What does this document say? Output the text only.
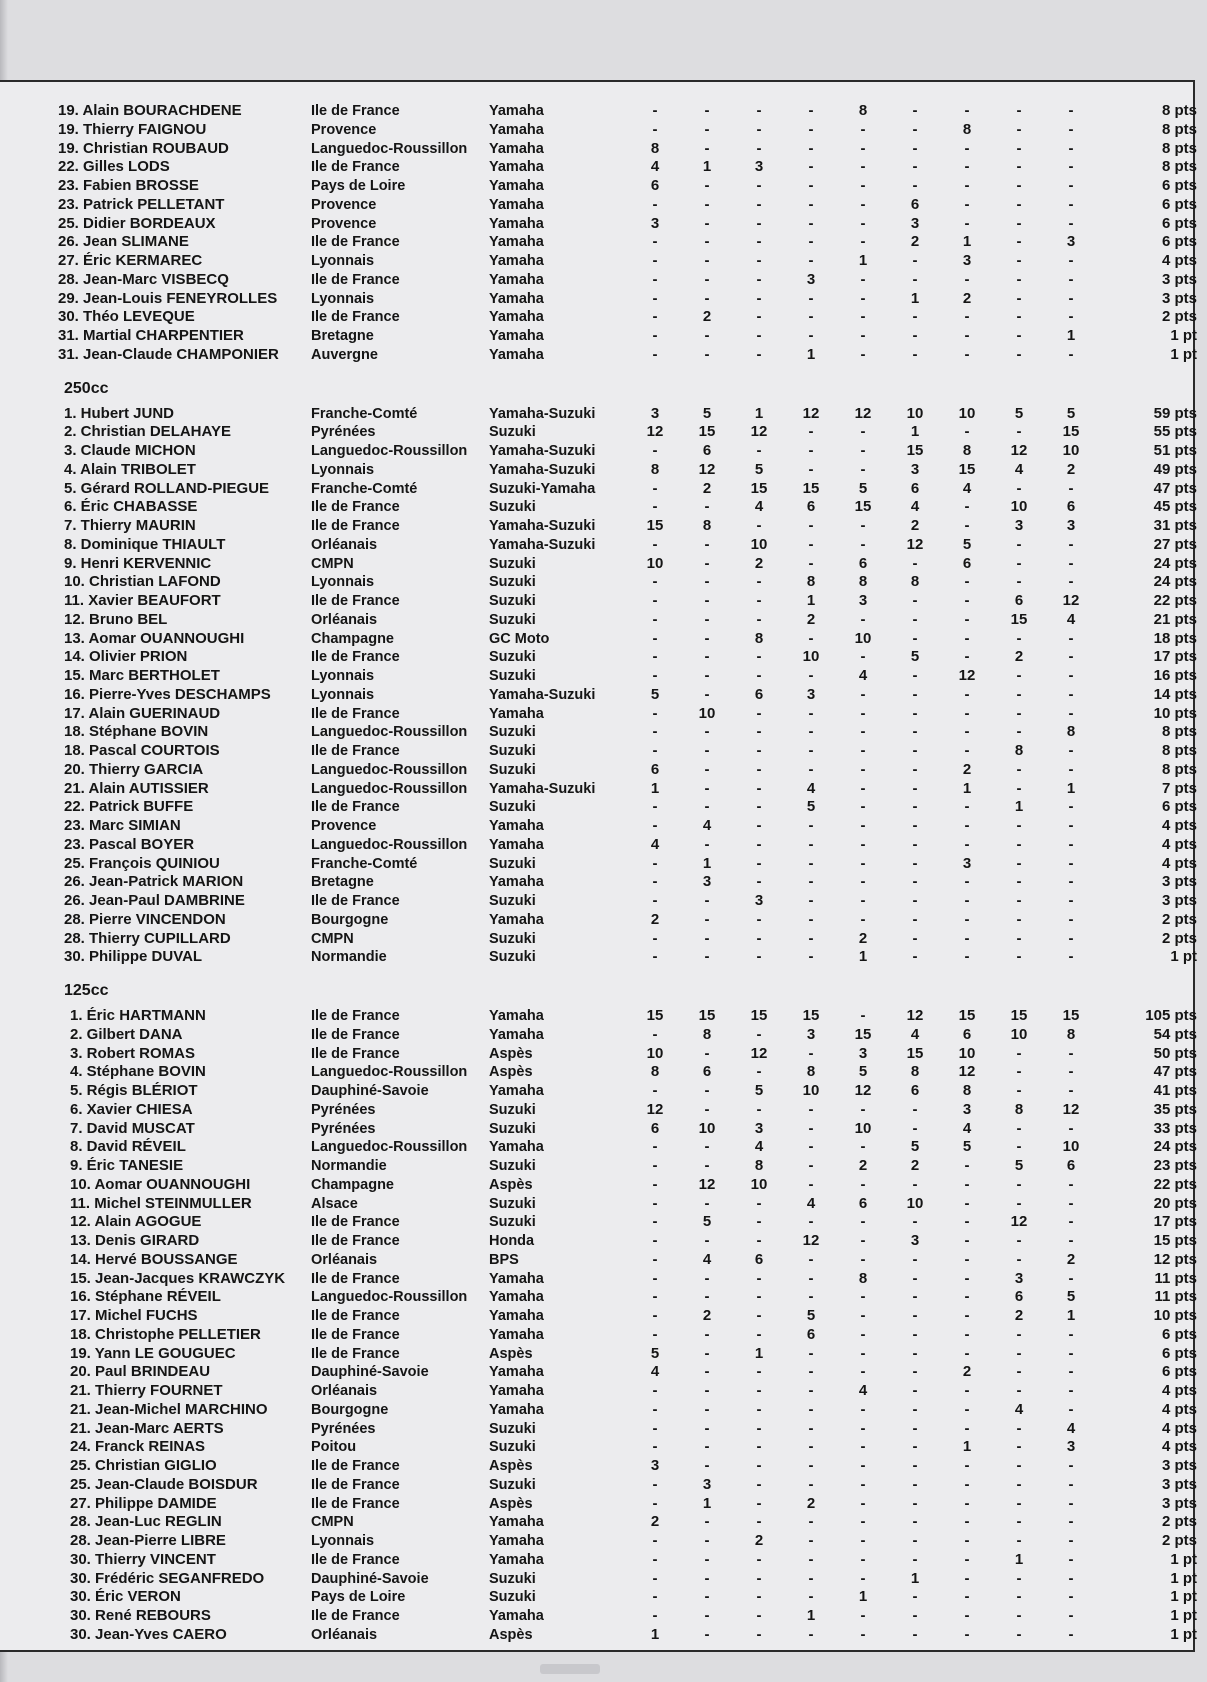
19. Alain BOURACHDENE	Ile de France	Yamaha	-	-	-	-	8	-	-	-	-	8 pts
19. Thierry FAIGNOU	Provence	Yamaha	-	-	-	-	-	-	8	-	-	8 pts
19. Christian ROUBAUD	Languedoc-Roussillon	Yamaha	8	-	-	-	-	-	-	-	-	8 pts
22. Gilles LODS	Ile de France	Yamaha	4	1	3	-	-	-	-	-	-	8 pts
23. Fabien BROSSE	Pays de Loire	Yamaha	6	-	-	-	-	-	-	-	-	6 pts
23. Patrick PELLETANT	Provence	Yamaha	-	-	-	-	-	6	-	-	-	6 pts
25. Didier BORDEAUX	Provence	Yamaha	3	-	-	-	-	3	-	-	-	6 pts
26. Jean SLIMANE	Ile de France	Yamaha	-	-	-	-	-	2	1	-	3	6 pts
27. Éric KERMAREC	Lyonnais	Yamaha	-	-	-	-	1	-	3	-	-	4 pts
28. Jean-Marc VISBECQ	Ile de France	Yamaha	-	-	-	3	-	-	-	-	-	3 pts
29. Jean-Louis FENEYROLLES	Lyonnais	Yamaha	-	-	-	-	-	1	2	-	-	3 pts
30. Théo LEVEQUE	Ile de France	Yamaha	-	2	-	-	-	-	-	-	-	2 pts
31. Martial CHARPENTIER	Bretagne	Yamaha	-	-	-	-	-	-	-	-	1	1 pt
31. Jean-Claude CHAMPONIER	Auvergne	Yamaha	-	-	-	1	-	-	-	-	-	1 pt
250cc
1. Hubert JUND	Franche-Comté	Yamaha-Suzuki	3	5	1	12	12	10	10	5	5	59 pts
2. Christian DELAHAYE	Pyrénées	Suzuki	12	15	12	-	-	1	-	-	15	55 pts
3. Claude MICHON	Languedoc-Roussillon	Yamaha-Suzuki	-	6	-	-	-	15	8	12	10	51 pts
4. Alain TRIBOLET	Lyonnais	Yamaha-Suzuki	8	12	5	-	-	3	15	4	2	49 pts
5. Gérard ROLLAND-PIEGUE	Franche-Comté	Suzuki-Yamaha	-	2	15	15	5	6	4	-	-	47 pts
6. Éric CHABASSE	Ile de France	Suzuki	-	-	4	6	15	4	-	10	6	45 pts
7. Thierry MAURIN	Ile de France	Yamaha-Suzuki	15	8	-	-	-	2	-	3	3	31 pts
8. Dominique THIAULT	Orléanais	Yamaha-Suzuki	-	-	10	-	-	12	5	-	-	27 pts
9. Henri KERVENNIC	CMPN	Suzuki	10	-	2	-	6	-	6	-	-	24 pts
10. Christian LAFOND	Lyonnais	Suzuki	-	-	-	8	8	8	-	-	-	24 pts
11. Xavier BEAUFORT	Ile de France	Suzuki	-	-	-	1	3	-	-	6	12	22 pts
12. Bruno BEL	Orléanais	Suzuki	-	-	-	2	-	-	-	15	4	21 pts
13. Aomar OUANNOUGHI	Champagne	GC Moto	-	-	8	-	10	-	-	-	-	18 pts
14. Olivier PRION	Ile de France	Suzuki	-	-	-	10	-	5	-	2	-	17 pts
15. Marc BERTHOLET	Lyonnais	Suzuki	-	-	-	-	4	-	12	-	-	16 pts
16. Pierre-Yves DESCHAMPS	Lyonnais	Yamaha-Suzuki	5	-	6	3	-	-	-	-	-	14 pts
17. Alain GUERINAUD	Ile de France	Yamaha	-	10	-	-	-	-	-	-	-	10 pts
18. Stéphane BOVIN	Languedoc-Roussillon	Suzuki	-	-	-	-	-	-	-	-	8	8 pts
18. Pascal COURTOIS	Ile de France	Suzuki	-	-	-	-	-	-	-	8	-	8 pts
20. Thierry GARCIA	Languedoc-Roussillon	Suzuki	6	-	-	-	-	-	2	-	-	8 pts
21. Alain AUTISSIER	Languedoc-Roussillon	Yamaha-Suzuki	1	-	-	4	-	-	1	-	1	7 pts
22. Patrick BUFFE	Ile de France	Suzuki	-	-	-	5	-	-	-	1	-	6 pts
23. Marc SIMIAN	Provence	Yamaha	-	4	-	-	-	-	-	-	-	4 pts
23. Pascal BOYER	Languedoc-Roussillon	Yamaha	4	-	-	-	-	-	-	-	-	4 pts
25. François QUINIOU	Franche-Comté	Suzuki	-	1	-	-	-	-	3	-	-	4 pts
26. Jean-Patrick MARION	Bretagne	Yamaha	-	3	-	-	-	-	-	-	-	3 pts
26. Jean-Paul DAMBRINE	Ile de France	Suzuki	-	-	3	-	-	-	-	-	-	3 pts
28. Pierre VINCENDON	Bourgogne	Yamaha	2	-	-	-	-	-	-	-	-	2 pts
28. Thierry CUPILLARD	CMPN	Suzuki	-	-	-	-	2	-	-	-	-	2 pts
30. Philippe DUVAL	Normandie	Suzuki	-	-	-	-	1	-	-	-	-	1 pt
125cc
1. Éric HARTMANN	Ile de France	Yamaha	15	15	15	15	-	12	15	15	15	105 pts
2. Gilbert DANA	Ile de France	Yamaha	-	8	-	3	15	4	6	10	8	54 pts
3. Robert ROMAS	Ile de France	Aspès	10	-	12	-	3	15	10	-	-	50 pts
4. Stéphane BOVIN	Languedoc-Roussillon	Aspès	8	6	-	8	5	8	12	-	-	47 pts
5. Régis BLÉRIOT	Dauphiné-Savoie	Yamaha	-	-	5	10	12	6	8	-	-	41 pts
6. Xavier CHIESA	Pyrénées	Suzuki	12	-	-	-	-	-	3	8	12	35 pts
7. David MUSCAT	Pyrénées	Suzuki	6	10	3	-	10	-	4	-	-	33 pts
8. David RÉVEIL	Languedoc-Roussillon	Yamaha	-	-	4	-	-	5	5	-	10	24 pts
9. Éric TANESIE	Normandie	Suzuki	-	-	8	-	2	2	-	5	6	23 pts
10. Aomar OUANNOUGHI	Champagne	Aspès	-	12	10	-	-	-	-	-	-	22 pts
11. Michel STEINMULLER	Alsace	Suzuki	-	-	-	4	6	10	-	-	-	20 pts
12. Alain AGOGUE	Ile de France	Suzuki	-	5	-	-	-	-	-	12	-	17 pts
13. Denis GIRARD	Ile de France	Honda	-	-	-	12	-	3	-	-	-	15 pts
14. Hervé BOUSSANGE	Orléanais	BPS	-	4	6	-	-	-	-	-	2	12 pts
15. Jean-Jacques KRAWCZYK	Ile de France	Yamaha	-	-	-	-	8	-	-	3	-	11 pts
16. Stéphane RÉVEIL	Languedoc-Roussillon	Yamaha	-	-	-	-	-	-	-	6	5	11 pts
17. Michel FUCHS	Ile de France	Yamaha	-	2	-	5	-	-	-	2	1	10 pts
18. Christophe PELLETIER	Ile de France	Yamaha	-	-	-	6	-	-	-	-	-	6 pts
19. Yann LE GOUGUEC	Ile de France	Aspès	5	-	1	-	-	-	-	-	-	6 pts
20. Paul BRINDEAU	Dauphiné-Savoie	Yamaha	4	-	-	-	-	-	2	-	-	6 pts
21. Thierry FOURNET	Orléanais	Yamaha	-	-	-	-	4	-	-	-	-	4 pts
21. Jean-Michel MARCHINO	Bourgogne	Yamaha	-	-	-	-	-	-	-	4	-	4 pts
21. Jean-Marc AERTS	Pyrénées	Suzuki	-	-	-	-	-	-	-	-	4	4 pts
24. Franck REINAS	Poitou	Suzuki	-	-	-	-	-	-	1	-	3	4 pts
25. Christian GIGLIO	Ile de France	Aspès	3	-	-	-	-	-	-	-	-	3 pts
25. Jean-Claude BOISDUR	Ile de France	Suzuki	-	3	-	-	-	-	-	-	-	3 pts
27. Philippe DAMIDE	Ile de France	Aspès	-	1	-	2	-	-	-	-	-	3 pts
28. Jean-Luc REGLIN	CMPN	Yamaha	2	-	-	-	-	-	-	-	-	2 pts
28. Jean-Pierre LIBRE	Lyonnais	Yamaha	-	-	2	-	-	-	-	-	-	2 pts
30. Thierry VINCENT	Ile de France	Yamaha	-	-	-	-	-	-	-	1	-	1 pt
30. Frédéric SEGANFREDO	Dauphiné-Savoie	Suzuki	-	-	-	-	-	1	-	-	-	1 pt
30. Éric VERON	Pays de Loire	Suzuki	-	-	-	-	1	-	-	-	-	1 pt
30. René REBOURS	Ile de France	Yamaha	-	-	-	1	-	-	-	-	-	1 pt
30. Jean-Yves CAERO	Orléanais	Aspès	1	-	-	-	-	-	-	-	-	1 pt
